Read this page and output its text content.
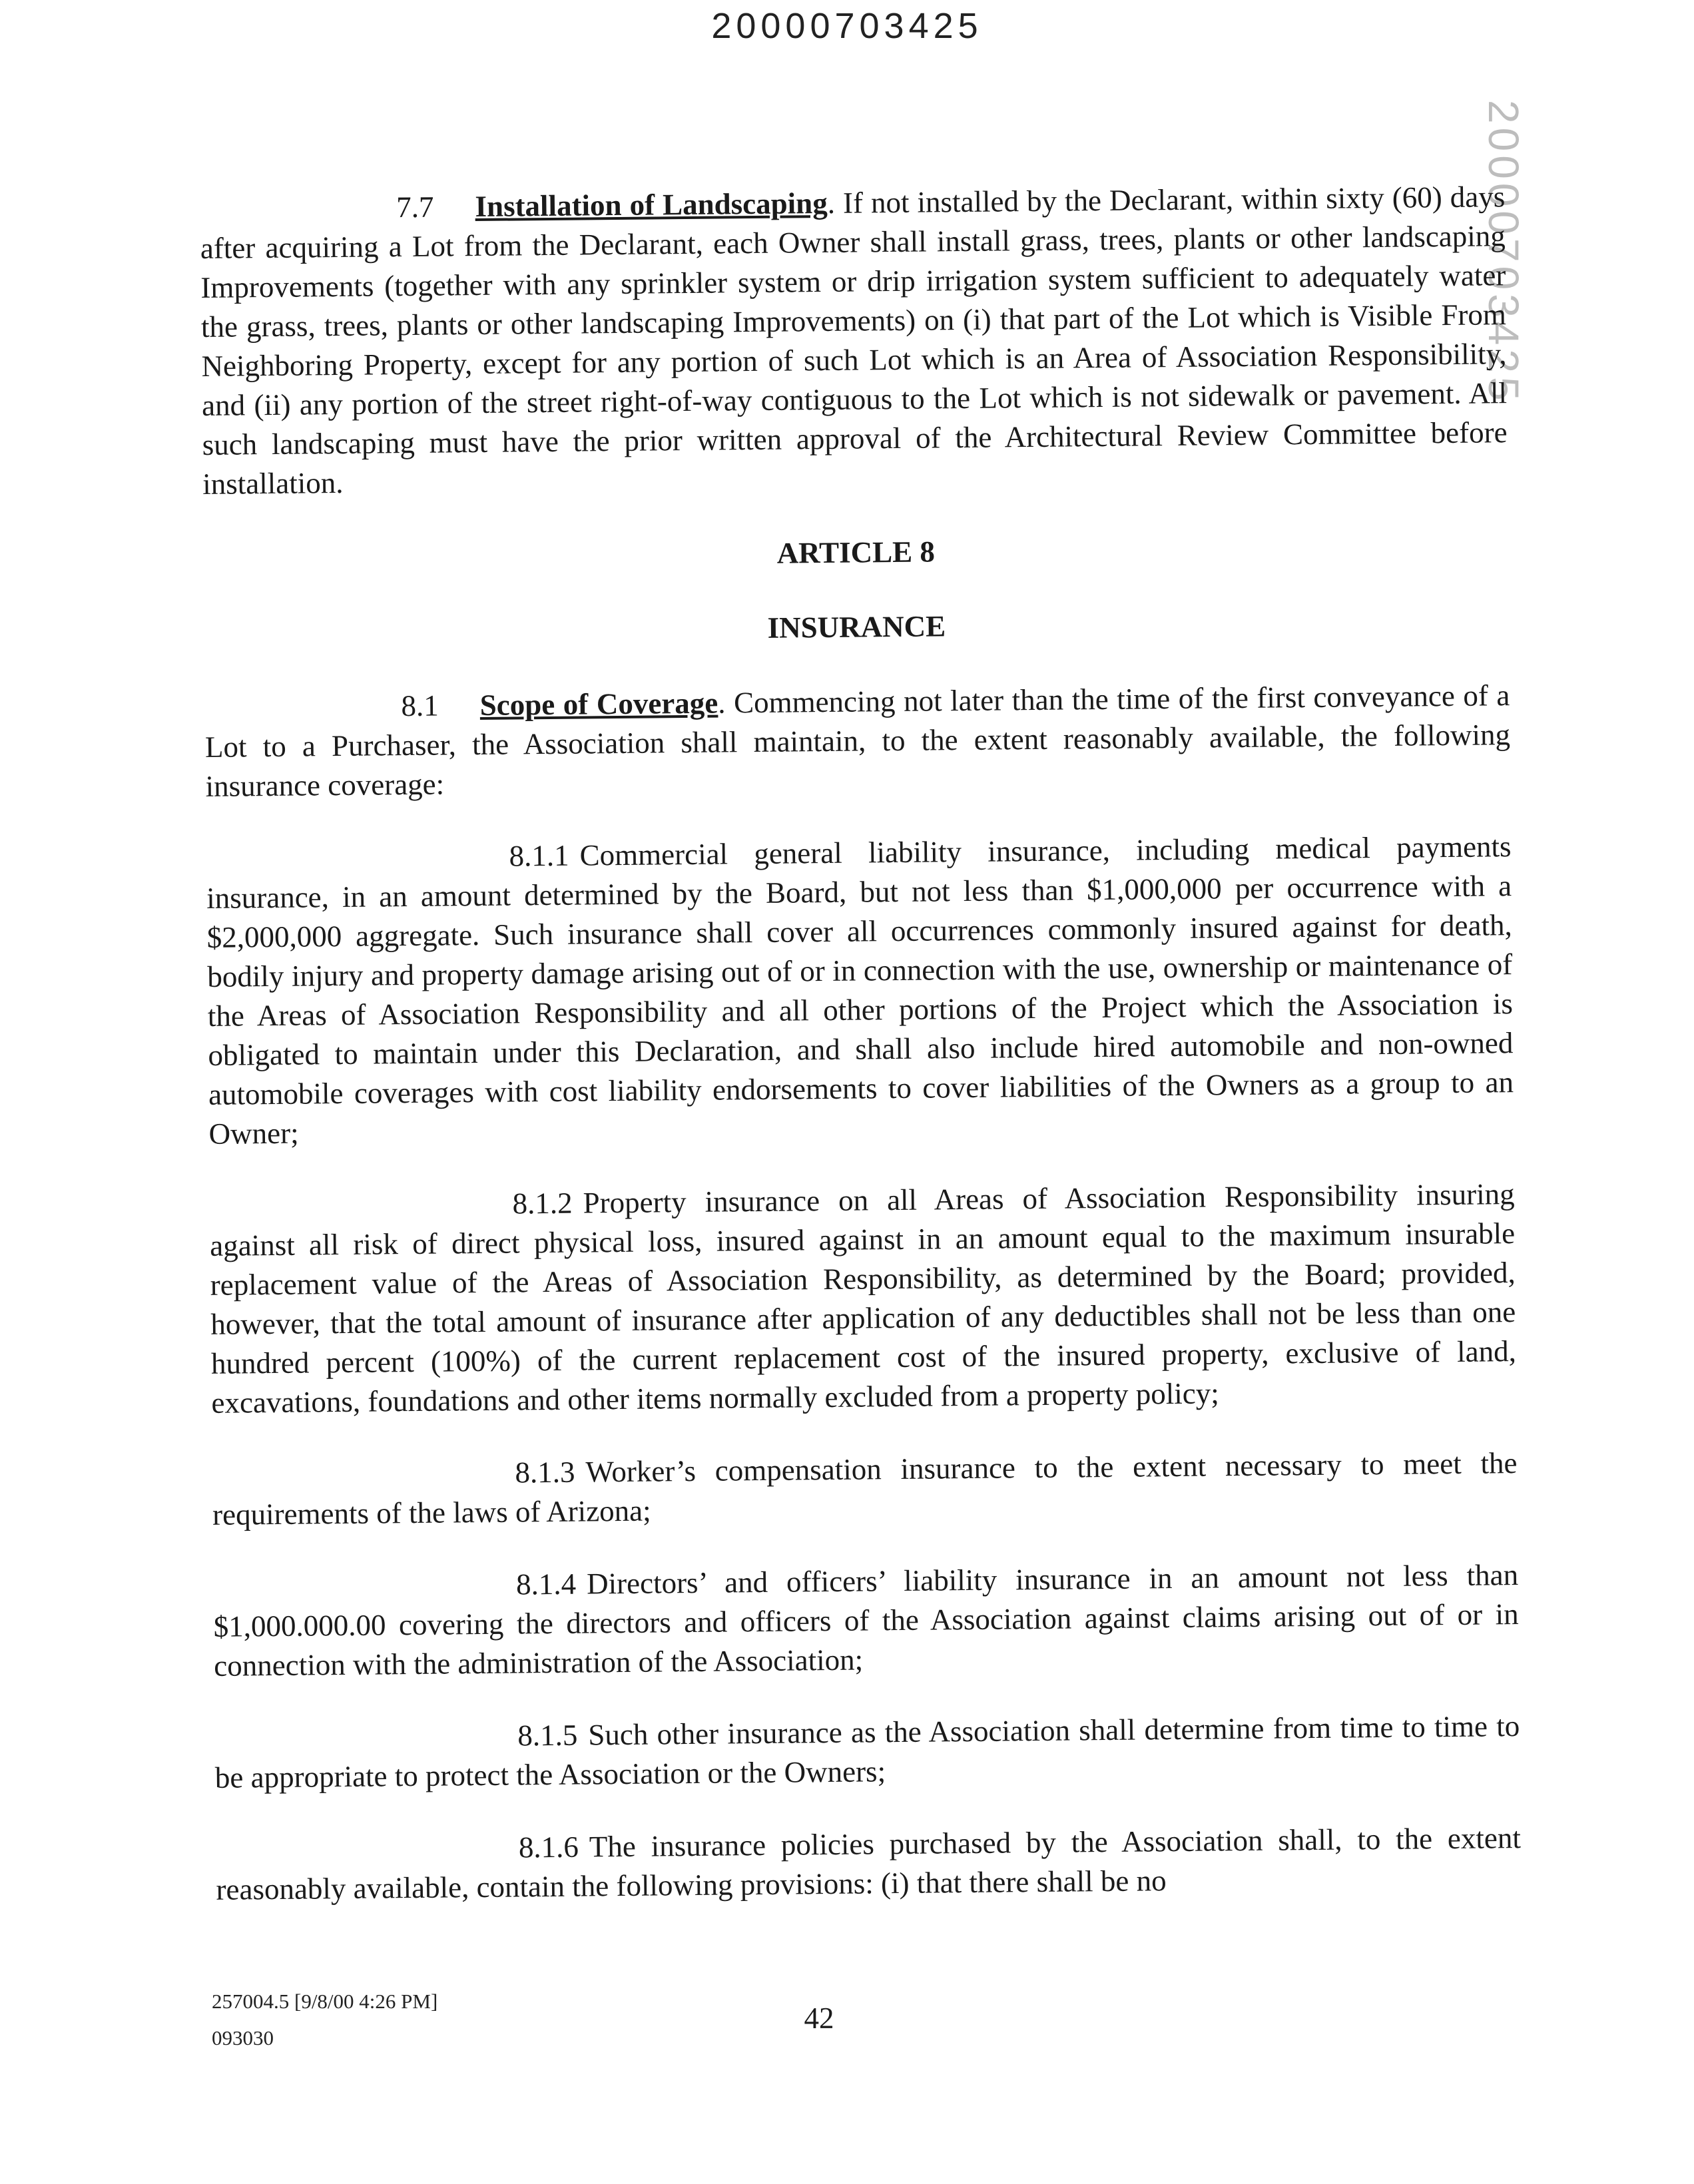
20000703425
20000703425

7.7 Installation of Landscaping. If not installed by the Declarant, within sixty (60) days after acquiring a Lot from the Declarant, each Owner shall install grass, trees, plants or other landscaping Improvements (together with any sprinkler system or drip irrigation system sufficient to adequately water the grass, trees, plants or other landscaping Improvements) on (i) that part of the Lot which is Visible From Neighboring Property, except for any portion of such Lot which is an Area of Association Responsibility, and (ii) any portion of the street right-of-way contiguous to the Lot which is not sidewalk or pavement. All such landscaping must have the prior written approval of the Architectural Review Committee before installation.

ARTICLE 8
INSURANCE

8.1 Scope of Coverage. Commencing not later than the time of the first conveyance of a Lot to a Purchaser, the Association shall maintain, to the extent reasonably available, the following insurance coverage:

8.1.1 Commercial general liability insurance, including medical payments insurance, in an amount determined by the Board, but not less than $1,000,000 per occurrence with a $2,000,000 aggregate. Such insurance shall cover all occurrences commonly insured against for death, bodily injury and property damage arising out of or in connection with the use, ownership or maintenance of the Areas of Association Responsibility and all other portions of the Project which the Association is obligated to maintain under this Declaration, and shall also include hired automobile and non-owned automobile coverages with cost liability endorsements to cover liabilities of the Owners as a group to an Owner;

8.1.2 Property insurance on all Areas of Association Responsibility insuring against all risk of direct physical loss, insured against in an amount equal to the maximum insurable replacement value of the Areas of Association Responsibility, as determined by the Board; provided, however, that the total amount of insurance after application of any deductibles shall not be less than one hundred percent (100%) of the current replacement cost of the insured property, exclusive of land, excavations, foundations and other items normally excluded from a property policy;

8.1.3 Worker’s compensation insurance to the extent necessary to meet the requirements of the laws of Arizona;

8.1.4 Directors’ and officers’ liability insurance in an amount not less than $1,000.000.00 covering the directors and officers of the Association against claims arising out of or in connection with the administration of the Association;

8.1.5 Such other insurance as the Association shall determine from time to time to be appropriate to protect the Association or the Owners;

8.1.6 The insurance policies purchased by the Association shall, to the extent reasonably available, contain the following provisions: (i) that there shall be no

257004.5 [9/8/00 4:26 PM]
093030
42
